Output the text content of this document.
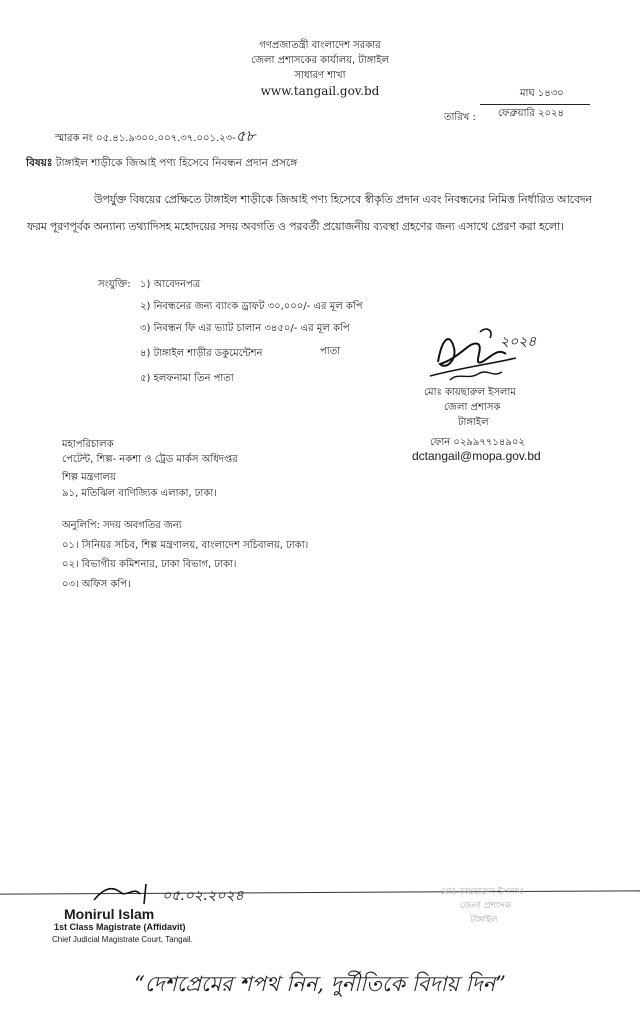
গণপ্রজাতন্ত্রী বাংলাদেশ সরকার
জেলা প্রশাসকের কার্যালয়, টাঙ্গাইল
সাধারণ শাখা
www.tangail.gov.bd	মাঘ ১৪৩০
তারিখ : ফেব্রুয়ারি ২০২৪
স্মারক নং ০৫.৪১.৯৩০০.০০৭.৩৭.০০১.২৩-৫৮
বিষয়ঃ টাঙ্গাইল শাড়ীকে জিআই পণ্য হিসেবে নিবন্ধন প্রদান প্রসঙ্গে
উপর্যুক্ত বিষয়ের প্রেক্ষিতে টাঙ্গাইল শাড়ীকে জিআই পণ্য হিসেবে স্বীকৃতি প্রদান এবং নিবন্ধনের নিমিত্ত নির্ধারিত আবেদন
ফরম পূরণপূর্বক অন্যান্য তথ্যাদিসহ মহোদয়ের সদয় অবগতি ও পরবর্তী প্রয়োজনীয় ব্যবস্থা গ্রহণের জন্য এসাথে প্রেরণ করা হলো।
সংযুক্তি: ১) আবেদনপত্র
২) নিবন্ধনের জন্য ব্যাংক ড্রাফট ৩০,০০০/- এর মূল কপি
৩) নিবন্ধন ফি এর ভ্যাট চালান ৩৪৫০/- এর মূল কপি
৪) টাঙ্গাইল শাড়ীর ডকুমেন্টেশন	পাতা
৫) হলফনামা তিন পাতা
২০২৪
মোঃ কায়ছারুল ইসলাম
জেলা প্রশাসক
টাঙ্গাইল
ফোন ০২৯৯৭৭১৪৯০২
dctangail@mopa.gov.bd
মহাপরিচালক
পেটেন্ট, শিল্প- নকশা ও ট্রেড মার্কস অধিদপ্তর
শিল্প মন্ত্রণালয়
৯১, মতিঝিল বাণিজ্যিক এলাকা, ঢাকা।
অনুলিপি: সদয় অবগতির জন্য
০১। সিনিয়র সচিব, শিল্প মন্ত্রণালয়, বাংলাদেশ সচিবালয়, ঢাকা।
০২। বিভাগীয় কমিশনার, ঢাকা বিভাগ, ঢাকা।
০৩। অফিস কপি।
০৫.০২.২০২৪
Monirul Islam
1st Class Magistrate (Affidavit)
Chief Judicial Magistrate Court, Tangail.
মোঃ কায়ছারুল ইসলাম
জেলা প্রশাসক
টাঙ্গাইল
“দেশপ্রেমের শপথ নিন, দুর্নীতিকে বিদায় দিন”
